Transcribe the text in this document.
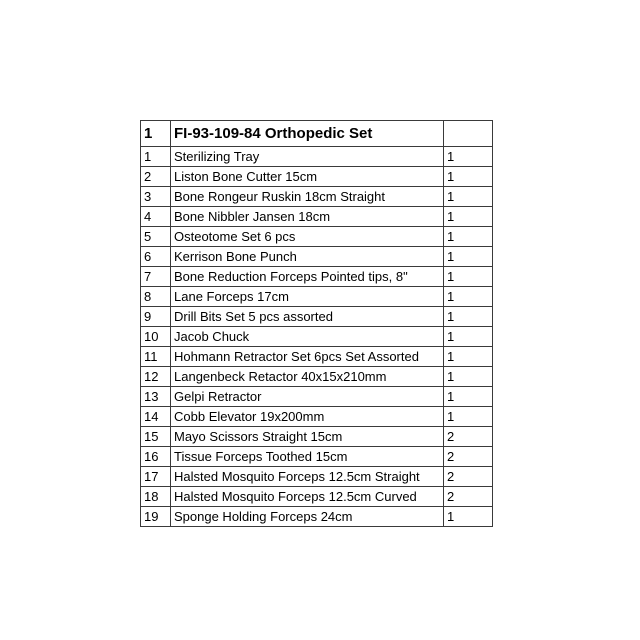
1	FI-93-109-84 Orthopedic Set	
1	Sterilizing Tray	1
2	Liston Bone Cutter 15cm	1
3	Bone Rongeur Ruskin 18cm Straight	1
4	Bone Nibbler Jansen 18cm	1
5	Osteotome Set 6 pcs	1
6	Kerrison Bone Punch	1
7	Bone Reduction Forceps Pointed tips, 8"	1
8	Lane Forceps 17cm	1
9	Drill Bits Set 5 pcs assorted	1
10	Jacob Chuck	1
11	Hohmann Retractor Set 6pcs Set Assorted	1
12	Langenbeck Retactor 40x15x210mm	1
13	Gelpi Retractor	1
14	Cobb Elevator 19x200mm	1
15	Mayo Scissors Straight 15cm	2
16	Tissue Forceps Toothed 15cm	2
17	Halsted Mosquito Forceps 12.5cm Straight	2
18	Halsted Mosquito Forceps 12.5cm Curved	2
19	Sponge Holding Forceps 24cm	1
